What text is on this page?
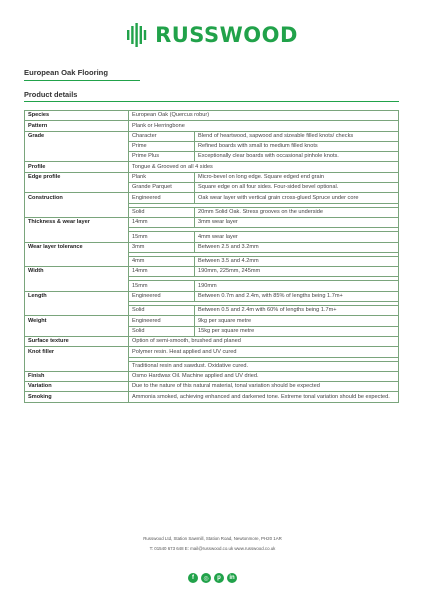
RUSSWOOD
European Oak Flooring
Product details
Species	European Oak (Quercus robur)	
Pattern	Plank or Herringbone	
Grade	Character	Blend of heartwood, sapwood and sizeable filled knots/ checks
	Prime	Refined boards with small to medium filled knots
	Prime Plus	Exceptionally clear boards with occasional pinhole knots.
Profile	Tongue & Grooved on all 4 sides	
Edge profile	Plank	Micro-bevel on long edge. Square edged end grain
	Grande Parquet	Square edge on all four sides. Four-sided bevel optional.
Construction	Engineered	Oak wear layer with vertical grain cross-glued Spruce under core

	Solid	20mm Solid Oak. Stress grooves on the underside
Thickness & wear layer	14mm	3mm wear layer

	15mm	4mm wear layer
Wear layer tolerance	3mm	Between 2.5 and 3.2mm

	4mm	Between 3.5 and 4.2mm
Width	14mm	190mm, 225mm, 245mm

	15mm	190mm
Length	Engineered	Between 0.7m and 2.4m, with 85% of lengths being 1.7m+

	Solid	Between 0.5 and 2.4m with 60% of lengths being 1.7m+
Weight	Engineered	9kg per square metre
	Solid	15kg per square metre
Surface texture	Option of semi-smooth, brushed and planed	
Knot filler	Polymer resin. Heat applied and UV cured	

	Traditional resin and sawdust. Oxidative cured.	
Finish	Osmo Hardwax Oil. Machine applied and UV dried.	
Variation	Due to the nature of this natural material, tonal variation should be expected	
Smoking	Ammonia smoked, achieving enhanced and darkened tone. Extreme tonal variation should be expected.	
Russwood Ltd, Station Sawmill, Station Road, Newtonmore, PH20 1AR
T: 01540 673 648 E: mail@russwood.co.uk www.russwood.co.uk
f	◎	p	in
